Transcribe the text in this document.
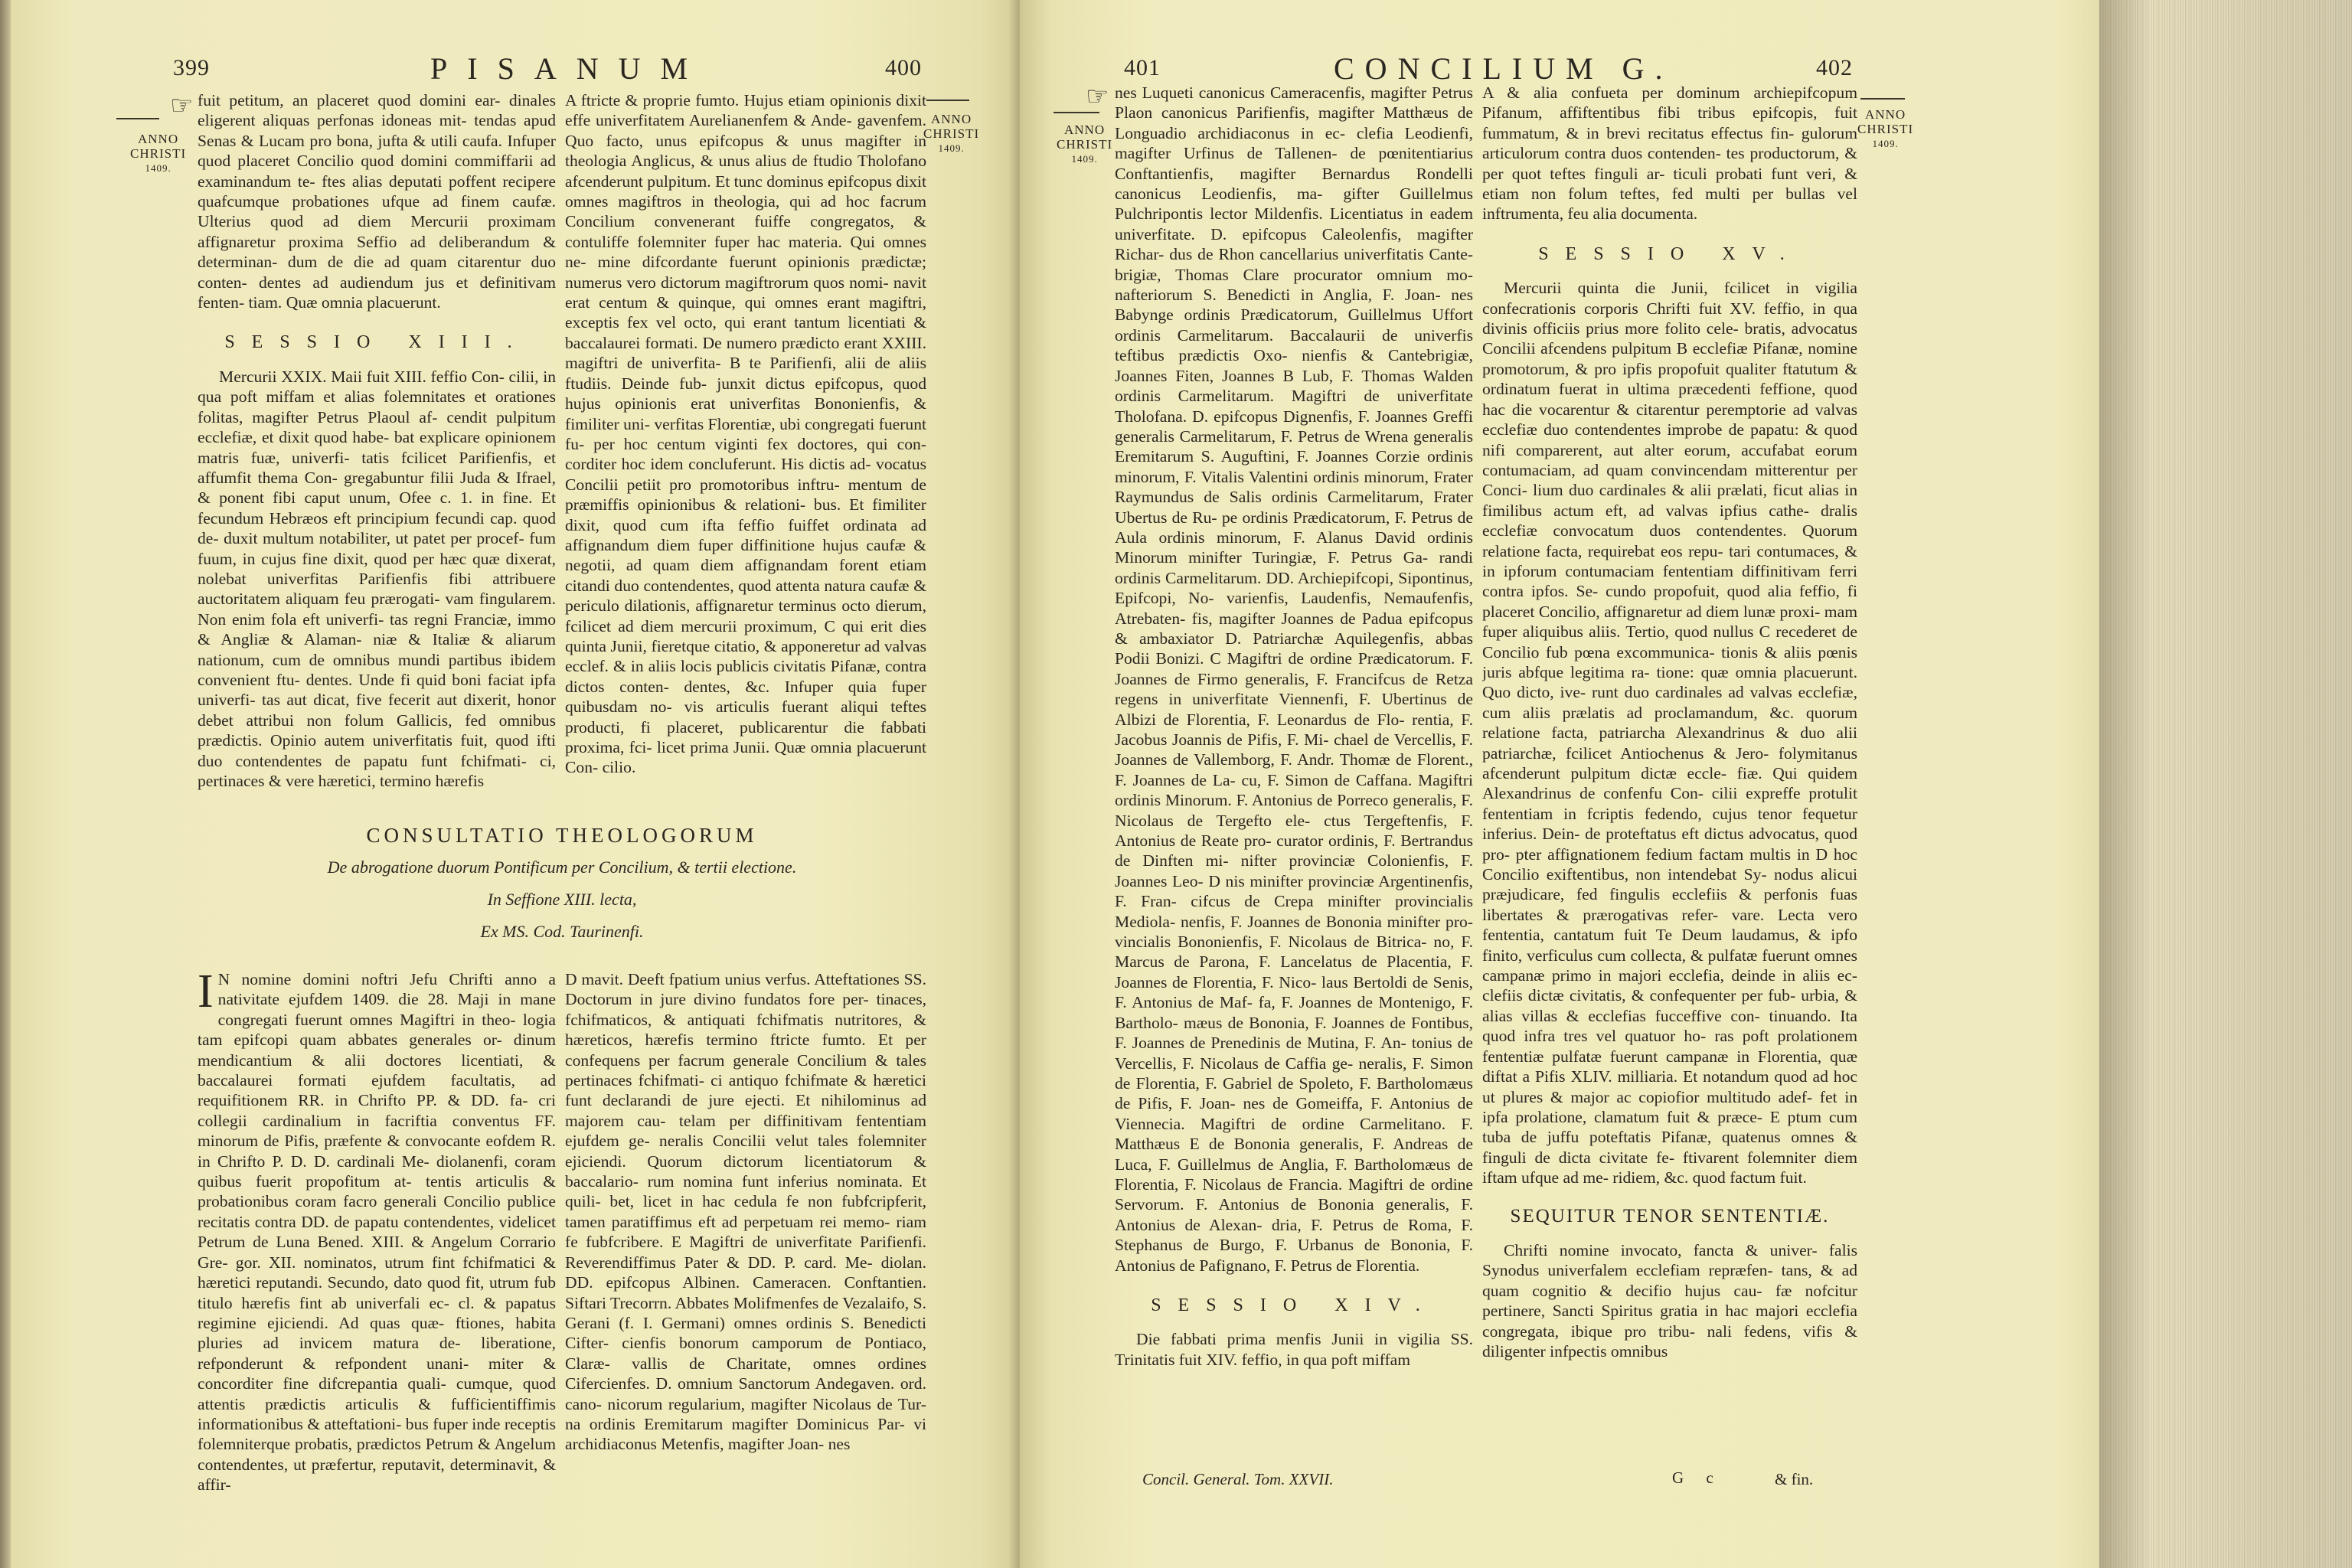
399	PISANUM	400
☞
ANNO
CHRISTI
1409.
ANNO
CHRISTI
1409.

fuit petitum, an placeret quod domini ear- dinales eligerent aliquas perfonas idoneas mit- tendas apud Senas & Lucam pro bona, jufta & utili caufa. Infuper quod placeret Concilio quod domini commiffarii ad examinandum te- ftes alias deputati poffent recipere quafcumque probationes ufque ad finem caufæ. Ulterius quod ad diem Mercurii proximam affignaretur proxima Seffio ad deliberandum & determinan- dum de die ad quam citarentur duo conten- dentes ad audiendum jus et definitivam fenten- tiam. Quæ omnia placuerunt.

SESSIO XIII.

Mercurii XXIX. Maii fuit XIII. feffio Con- cilii, in qua poft miffam et alias folemnitates et orationes folitas, magifter Petrus Plaoul af- cendit pulpitum ecclefiæ, et dixit quod habe- bat explicare opinionem matris fuæ, univerfi- tatis fcilicet Parifienfis, et affumfit thema Con- gregabuntur filii Juda & Ifrael, & ponent fibi caput unum, Ofee c. 1. in fine. Et fecundum Hebræos eft principium fecundi cap. quod de- duxit multum notabiliter, ut patet per procef- fum fuum, in cujus fine dixit, quod per hæc quæ dixerat, nolebat univerfitas Parifienfis fibi attribuere auctoritatem aliquam feu prærogati- vam fingularem. Non enim fola eft univerfi- tas regni Franciæ, immo & Angliæ & Alaman- niæ & Italiæ & aliarum nationum, cum de omnibus mundi partibus ibidem convenient ftu- dentes. Unde fi quid boni faciat ipfa univerfi- tas aut dicat, five fecerit aut dixerit, honor debet attribui non folum Gallicis, fed omnibus prædictis. Opinio autem univerfitatis fuit, quod ifti duo contendentes de papatu funt fchifmati- ci, pertinaces & vere hæretici, termino hærefis

A ftricte & proprie fumto. Hujus etiam opinionis dixit effe univerfitatem Aurelianenfem & Ande- gavenfem. Quo facto, unus epifcopus & unus magifter in theologia Anglicus, & unus alius de ftudio Tholofano afcenderunt pulpitum. Et tunc dominus epifcopus dixit omnes magiftros in theologia, qui ad hoc facrum Concilium convenerant fuiffe congregatos, & contuliffe folemniter fuper hac materia. Qui omnes ne- mine difcordante fuerunt opinionis prædictæ; numerus vero dictorum magiftrorum quos nomi- navit erat centum & quinque, qui omnes erant magiftri, exceptis fex vel octo, qui erant tantum licentiati & baccalaurei formati. De numero prædicto erant XXIII. magiftri de univerfita- B te Parifienfi, alii de aliis ftudiis. Deinde fub- junxit dictus epifcopus, quod hujus opinionis erat univerfitas Bononienfis, & fimiliter uni- verfitas Florentiæ, ubi congregati fuerunt fu- per hoc centum viginti fex doctores, qui con- corditer hoc idem concluferunt. His dictis ad- vocatus Concilii petiit pro promotoribus inftru- mentum de præmiffis opinionibus & relationi- bus. Et fimiliter dixit, quod cum ifta feffio fuiffet ordinata ad affignandum diem fuper diffinitione hujus caufæ & negotii, ad quam diem affignandam forent etiam citandi duo contendentes, quod attenta natura caufæ & periculo dilationis, affignaretur terminus octo dierum, fcilicet ad diem mercurii proximum, C qui erit dies quinta Junii, fieretque citatio, & apponeretur ad valvas ecclef. & in aliis locis publicis civitatis Pifanæ, contra dictos conten- dentes, &c. Infuper quia fuper quibusdam no- vis articulis fuerant aliqui teftes producti, fi placeret, publicarentur die fabbati proxima, fci- licet prima Junii. Quæ omnia placuerunt Con- cilio.

CONSULTATIO THEOLOGORUM
De abrogatione duorum Pontificum per Concilium, & tertii electione.
In Seffione XIII. lecta,
Ex MS. Cod. Taurinenfi.
I N nomine domini noftri Jefu Chrifti anno a nativitate ejufdem 1409. die 28. Maji in mane congregati fuerunt omnes Magiftri in theo- logia tam epifcopi quam abbates generales or- dinum mendicantium & alii doctores licentiati, & baccalaurei formati ejufdem facultatis, ad requifitionem RR. in Chrifto PP. & DD. fa- cri collegii cardinalium in facriftia conventus FF. minorum de Pifis, præfente & convocante eofdem R. in Chrifto P. D. D. cardinali Me- diolanenfi, coram quibus fuerit propofitum at- tentis articulis & probationibus coram facro generali Concilio publice recitatis contra DD. de papatu contendentes, videlicet Petrum de Luna Bened. XIII. & Angelum Corrario Gre- gor. XII. nominatos, utrum fint fchifmatici & hæretici reputandi. Secundo, dato quod fit, utrum fub titulo hærefis fint ab univerfali ec- cl. & papatus regimine ejiciendi. Ad quas quæ- ftiones, habita pluries ad invicem matura de- liberatione, refponderunt & refpondent unani- miter & concorditer fine difcrepantia quali- cumque, quod attentis prædictis articulis & fufficientiffimis informationibus & atteftationi- bus fuper inde receptis folemniterque probatis, prædictos Petrum & Angelum contendentes, ut præfertur, reputavit, determinavit, & affir-

D mavit. Deeft fpatium unius verfus. Atteftationes SS. Doctorum in jure divino fundatos fore per- tinaces, fchifmaticos, & antiquati fchifmatis nutritores, & hæreticos, hærefis termino ftricte fumto. Et per confequens per facrum generale Concilium & tales pertinaces fchifmati- ci antiquo fchifmate & hæretici funt declarandi de jure ejecti. Et nihilominus ad majorem cau- telam per diffinitivam fententiam ejufdem ge- neralis Concilii velut tales folemniter ejiciendi. Quorum dictorum licentiatorum & baccalario- rum nomina funt inferius nominata. Et quili- bet, licet in hac cedula fe non fubfcripferit, tamen paratiffimus eft ad perpetuam rei memo- riam fe fubfcribere. E Magiftri de univerfitate Parifienfi. Reverendiffimus Pater & DD. P. card. Me- diolan. DD. epifcopus Albinen. Cameracen. Conftantien. Siftari Trecorrn. Abbates Molifmenfes de Vezalaifo, S. Gerani (f. I. Germani) omnes ordinis S. Benedicti Cifter- cienfis bonorum camporum de Pontiaco, Claræ- vallis de Charitate, omnes ordines Cifercienfes. D. omnium Sanctorum Andegaven. ord. cano- nicorum regularium, magifter Nicolaus de Tur- na ordinis Eremitarum magifter Dominicus Par- vi archidiaconus Metenfis, magifter Joan- nes

401	CONCILIUM G.	402
☞
ANNO
CHRISTI
1409.
ANNO
CHRISTI
1409.

nes Luqueti canonicus Cameracenfis, magifter Petrus Plaon canonicus Parifienfis, magifter Matthæus de Longuadio archidiaconus in ec- clefia Leodienfi, magifter Urfinus de Tallenen- de pœnitentiarius Conftantienfis, magifter Bernardus Rondelli canonicus Leodienfis, ma- gifter Guillelmus Pulchripontis lector Mildenfis. Licentiatus in eadem univerfitate. D. epifcopus Caleolenfis, magifter Richar- dus de Rhon cancellarius univerfitatis Cante- brigiæ, Thomas Clare procurator omnium mo- nafteriorum S. Benedicti in Anglia, F. Joan- nes Babynge ordinis Prædicatorum, Guillelmus Uffort ordinis Carmelitarum. Baccalaurii de univerfis teftibus prædictis Oxo- nienfis & Cantebrigiæ, Joannes Fiten, Joannes B Lub, F. Thomas Walden ordinis Carmelitarum. Magiftri de univerfitate Tholofana. D. epifcopus Dignenfis, F. Joannes Greffi generalis Carmelitarum, F. Petrus de Wrena generalis Eremitarum S. Auguftini, F. Joannes Corzie ordinis minorum, F. Vitalis Valentini ordinis minorum, Frater Raymundus de Salis ordinis Carmelitarum, Frater Ubertus de Ru- pe ordinis Prædicatorum, F. Petrus de Aula ordinis minorum, F. Alanus David ordinis Minorum minifter Turingiæ, F. Petrus Ga- randi ordinis Carmelitarum. DD. Archiepifcopi, Sipontinus, Epifcopi, No- varienfis, Laudenfis, Nemaufenfis, Atrebaten- fis, magifter Joannes de Padua epifcopus & ambaxiator D. Patriarchæ Aquilegenfis, abbas Podii Bonizi. C Magiftri de ordine Prædicatorum. F. Joannes de Firmo generalis, F. Francifcus de Retza regens in univerfitate Viennenfi, F. Ubertinus de Albizi de Florentia, F. Leonardus de Flo- rentia, F. Jacobus Joannis de Pifis, F. Mi- chael de Vercellis, F. Joannes de Vallemborg, F. Andr. Thomæ de Florent., F. Joannes de La- cu, F. Simon de Caffana. Magiftri ordinis Minorum. F. Antonius de Porreco generalis, F. Nicolaus de Tergefto ele- ctus Tergeftenfis, F. Antonius de Reate pro- curator ordinis, F. Bertrandus de Dinften mi- nifter provinciæ Colonienfis, F. Joannes Leo- D nis minifter provinciæ Argentinenfis, F. Fran- cifcus de Crepa minifter provincialis Mediola- nenfis, F. Joannes de Bononia minifter pro- vincialis Bononienfis, F. Nicolaus de Bitrica- no, F. Marcus de Parona, F. Lancelatus de Placentia, F. Joannes de Florentia, F. Nico- laus Bertoldi de Senis, F. Antonius de Maf- fa, F. Joannes de Montenigo, F. Bartholo- mæus de Bononia, F. Joannes de Fontibus, F. Joannes de Prenedinis de Mutina, F. An- tonius de Vercellis, F. Nicolaus de Caffia ge- neralis, F. Simon de Florentia, F. Gabriel de Spoleto, F. Bartholomæus de Pifis, F. Joan- nes de Gomeiffa, F. Antonius de Viennecia. Magiftri de ordine Carmelitano. F. Matthæus E de Bononia generalis, F. Andreas de Luca, F. Guillelmus de Anglia, F. Bartholomæus de Florentia, F. Nicolaus de Francia. Magiftri de ordine Servorum. F. Antonius de Bononia generalis, F. Antonius de Alexan- dria, F. Petrus de Roma, F. Stephanus de Burgo, F. Urbanus de Bononia, F. Antonius de Pafignano, F. Petrus de Florentia.

SESSIO XIV.

Die fabbati prima menfis Junii in vigilia SS. Trinitatis fuit XIV. feffio, in qua poft miffam

A & alia confueta per dominum archiepifcopum Pifanum, affiftentibus fibi tribus epifcopis, fuit fummatum, & in brevi recitatus effectus fin- gulorum articulorum contra duos contenden- tes productorum, & per quot teftes finguli ar- ticuli probati funt veri, & etiam non folum teftes, fed multi per bullas vel inftrumenta, feu alia documenta.

SESSIO XV.

Mercurii quinta die Junii, fcilicet in vigilia confecrationis corporis Chrifti fuit XV. feffio, in qua divinis officiis prius more folito cele- bratis, advocatus Concilii afcendens pulpitum B ecclefiæ Pifanæ, nomine promotorum, & pro ipfis propofuit qualiter ftatutum & ordinatum fuerat in ultima præcedenti feffione, quod hac die vocarentur & citarentur peremptorie ad valvas ecclefiæ duo contendentes improbe de papatu: & quod nifi comparerent, aut alter eorum, accufabat eorum contumaciam, ad quam convincendam mitterentur per Conci- lium duo cardinales & alii prælati, ficut alias in fimilibus actum eft, ad valvas ipfius cathe- dralis ecclefiæ convocatum duos contendentes. Quorum relatione facta, requirebat eos repu- tari contumaces, & in ipforum contumaciam fententiam diffinitivam ferri contra ipfos. Se- cundo propofuit, quod alia feffio, fi placeret Concilio, affignaretur ad diem lunæ proxi- mam fuper aliquibus aliis. Tertio, quod nullus C recederet de Concilio fub pœna excommunica- tionis & aliis pœnis juris abfque legitima ra- tione: quæ omnia placuerunt. Quo dicto, ive- runt duo cardinales ad valvas ecclefiæ, cum aliis prælatis ad proclamandum, &c. quorum relatione facta, patriarcha Alexandrinus & duo alii patriarchæ, fcilicet Antiochenus & Jero- folymitanus afcenderunt pulpitum dictæ eccle- fiæ. Qui quidem Alexandrinus de confenfu Con- cilii expreffe protulit fententiam in fcriptis fedendo, cujus tenor fequetur inferius. Dein- de proteftatus eft dictus advocatus, quod pro- pter affignationem fedium factam multis in D hoc Concilio exiftentibus, non intendebat Sy- nodus alicui præjudicare, fed fingulis ecclefiis & perfonis fuas libertates & prærogativas refer- vare. Lecta vero fententia, cantatum fuit Te Deum laudamus, & ipfo finito, verficulus cum collecta, & pulfatæ fuerunt omnes campanæ primo in majori ecclefia, deinde in aliis ec- clefiis dictæ civitatis, & confequenter per fub- urbia, & alias villas & ecclefias fucceffive con- tinuando. Ita quod infra tres vel quatuor ho- ras poft prolationem fententiæ pulfatæ fuerunt campanæ in Florentia, quæ diftat a Pifis XLIV. milliaria. Et notandum quod ad hoc ut plures & major ac copiofior multitudo adef- fet in ipfa prolatione, clamatum fuit & præce- E ptum cum tuba de juffu poteftatis Pifanæ, quatenus omnes & finguli de dicta civitate fe- ftivarent folemniter diem iftam ufque ad me- ridiem, &c. quod factum fuit.

SEQUITUR TENOR SENTENTIÆ.

Chrifti nomine invocato, fancta & univer- falis Synodus univerfalem ecclefiam repræfen- tans, & ad quam cognitio & decifio hujus cau- fæ nofcitur pertinere, Sancti Spiritus gratia in hac majori ecclefia congregata, ibique pro tribu- nali fedens, vifis & diligenter infpectis omnibus

Concil. General. Tom. XXVII.	G c	& fin.
